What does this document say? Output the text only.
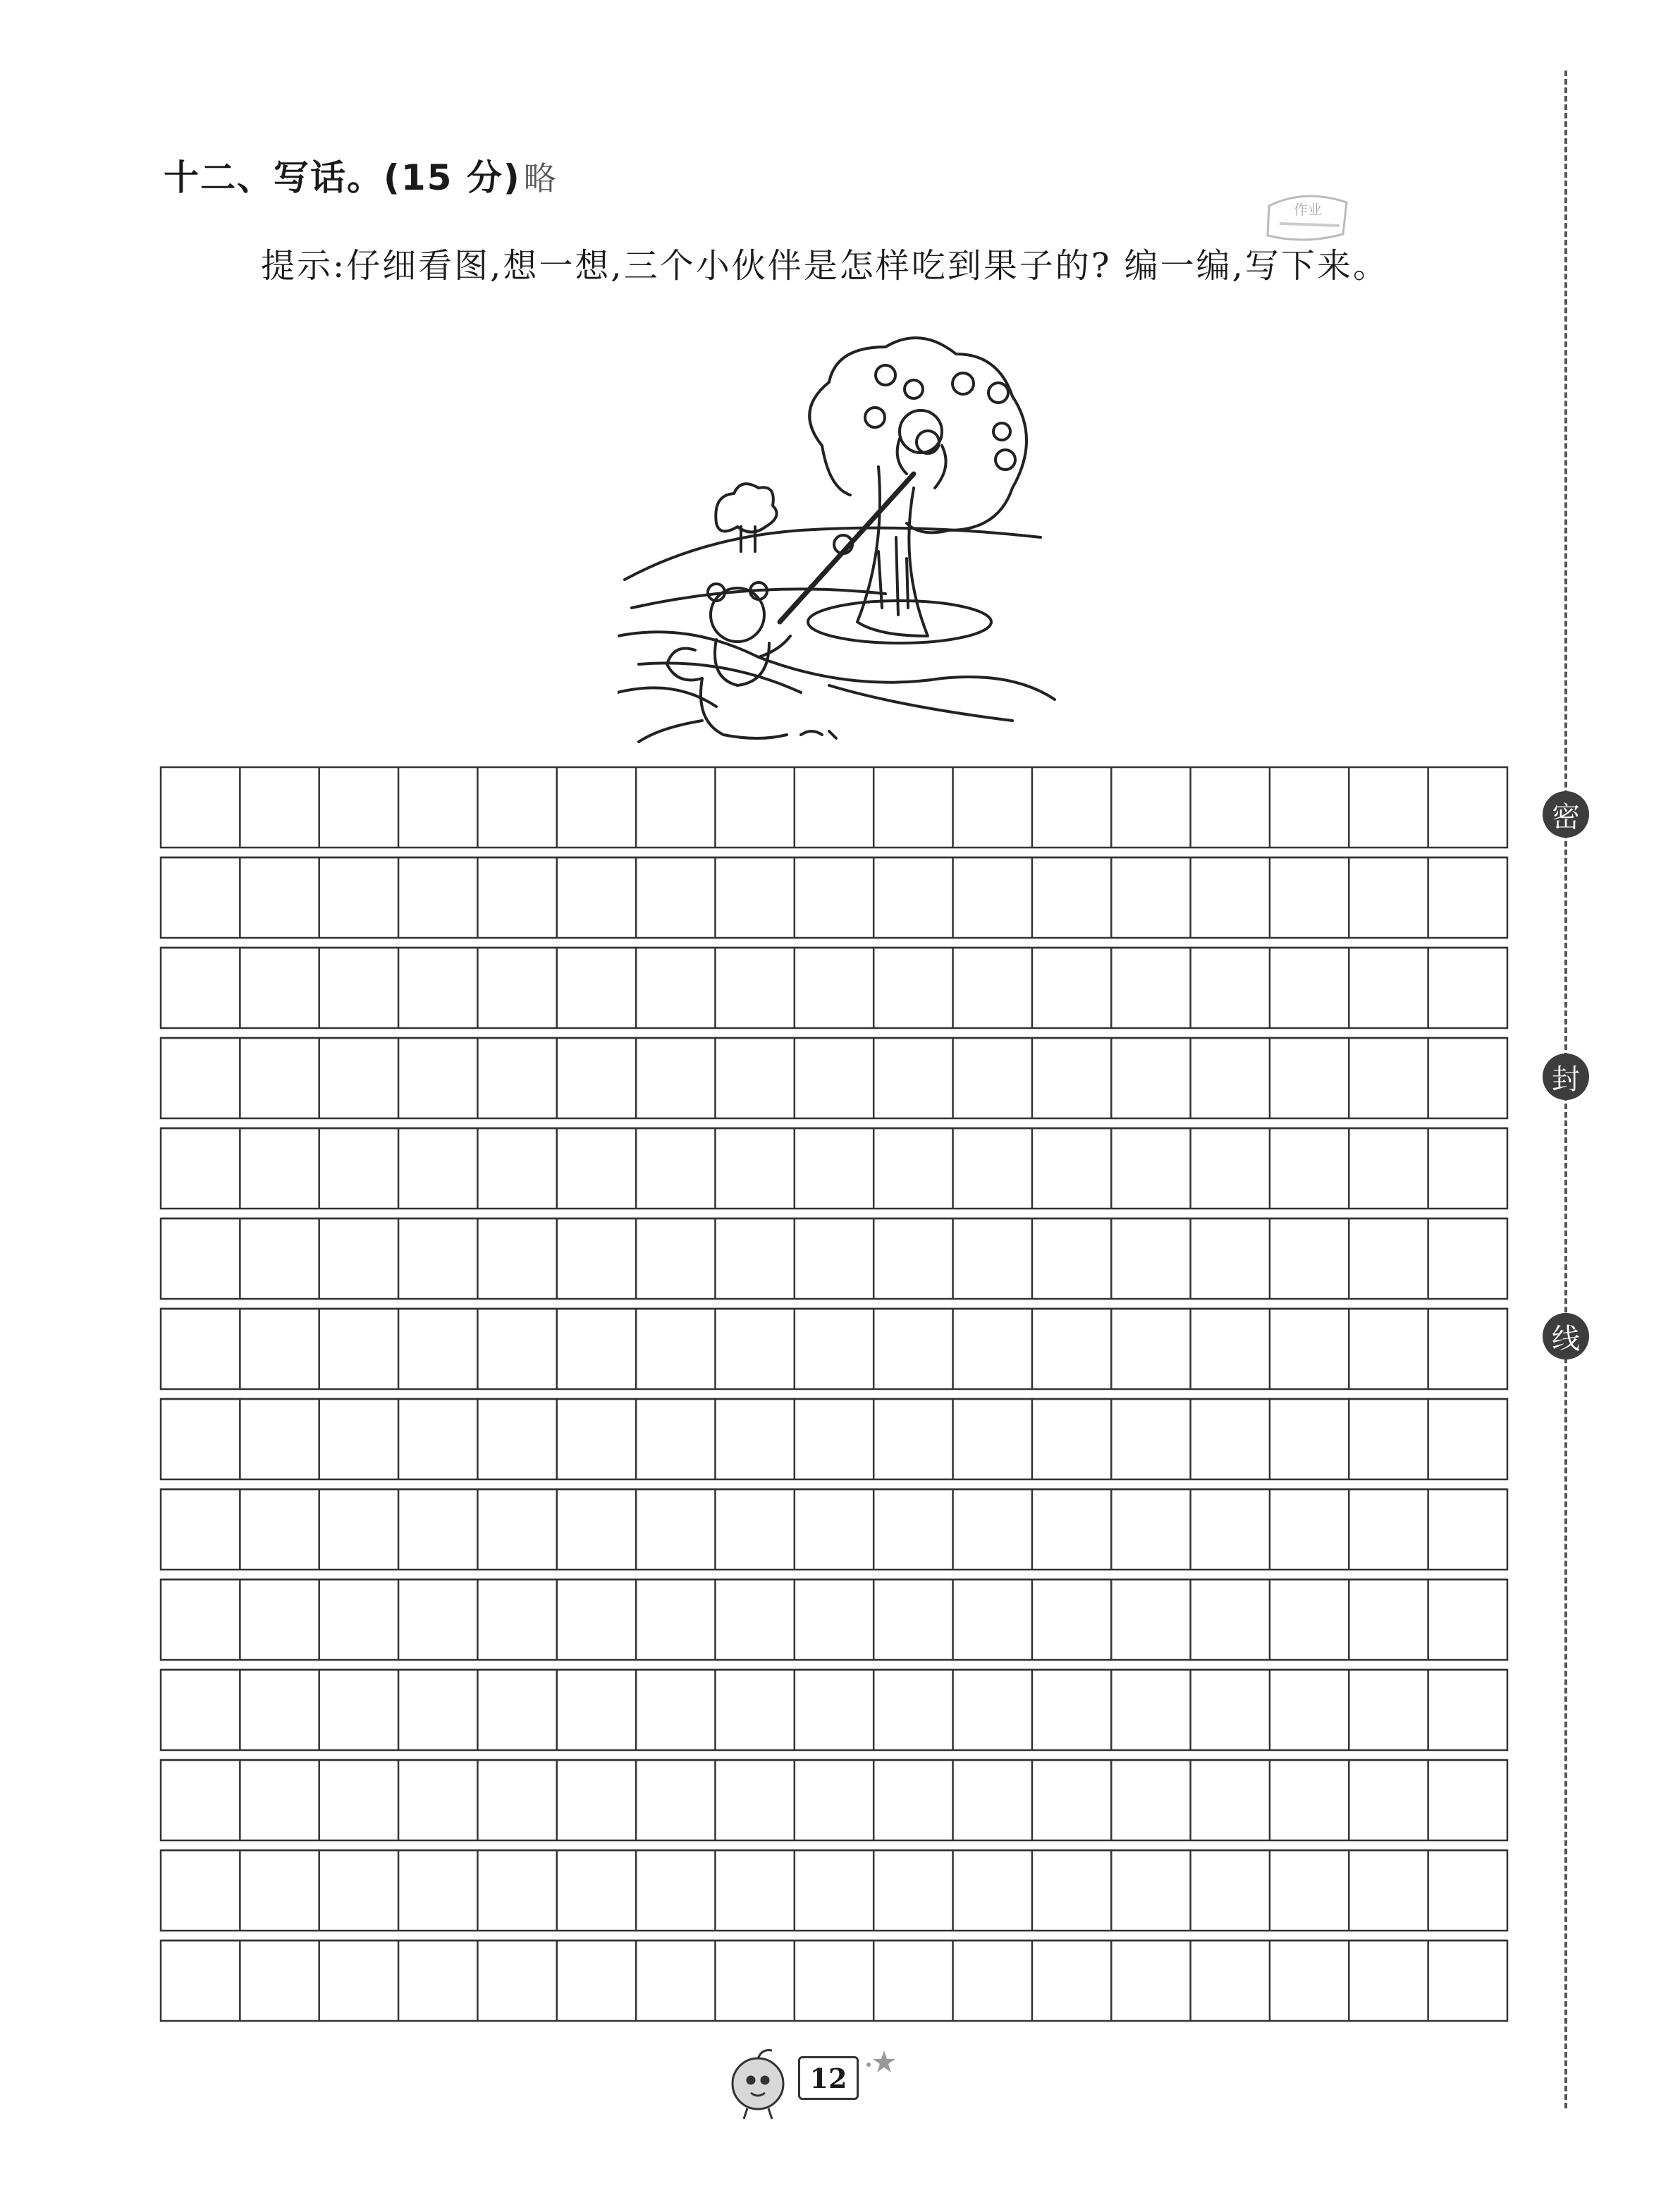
十二、写话。(15 分)略
提示:仔细看图,想一想,三个小伙伴是怎样吃到果子的? 编一编,写下来。
作业
密
封
线
12
